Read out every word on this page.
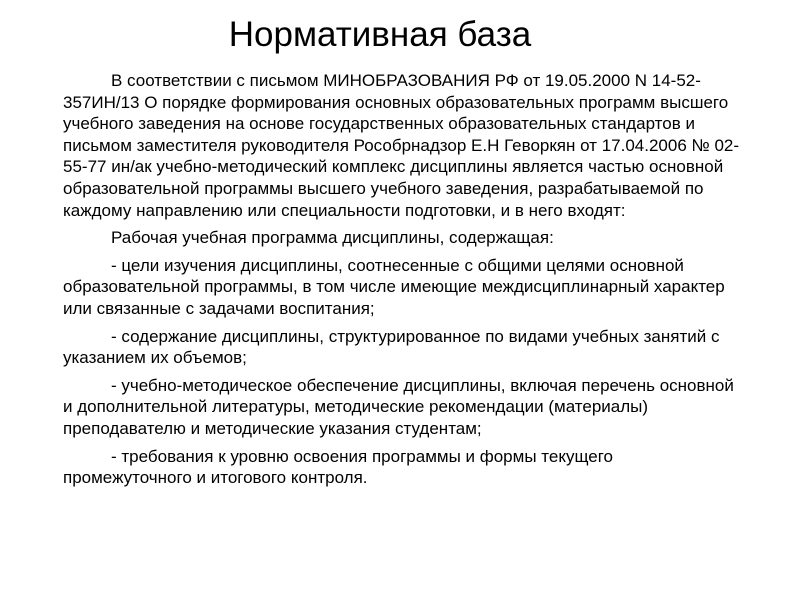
Нормативная база

В соответствии с письмом МИНОБРАЗОВАНИЯ РФ от 19.05.2000 N 14-52-357ИН/13 О порядке формирования основных образовательных программ высшего учебного заведения на основе государственных образовательных стандартов и письмом заместителя руководителя Рособрнадзор Е.Н Геворкян от 17.04.2006 № 02-55-77 ин/ак учебно-методический комплекс дисциплины является частью основной образовательной программы высшего учебного заведения, разрабатываемой по каждому направлению или специальности подготовки, и в него входят:

Рабочая учебная программа дисциплины, содержащая:

- цели изучения дисциплины, соотнесенные с общими целями основной образовательной программы, в том числе имеющие междисциплинарный характер или связанные с задачами воспитания;

- содержание дисциплины, структурированное по видами учебных занятий с указанием их объемов;

- учебно-методическое обеспечение дисциплины, включая перечень основной и дополнительной литературы, методические рекомендации (материалы) преподавателю и методические указания студентам;

- требования к уровню освоения программы и формы текущего промежуточного и итогового контроля.
